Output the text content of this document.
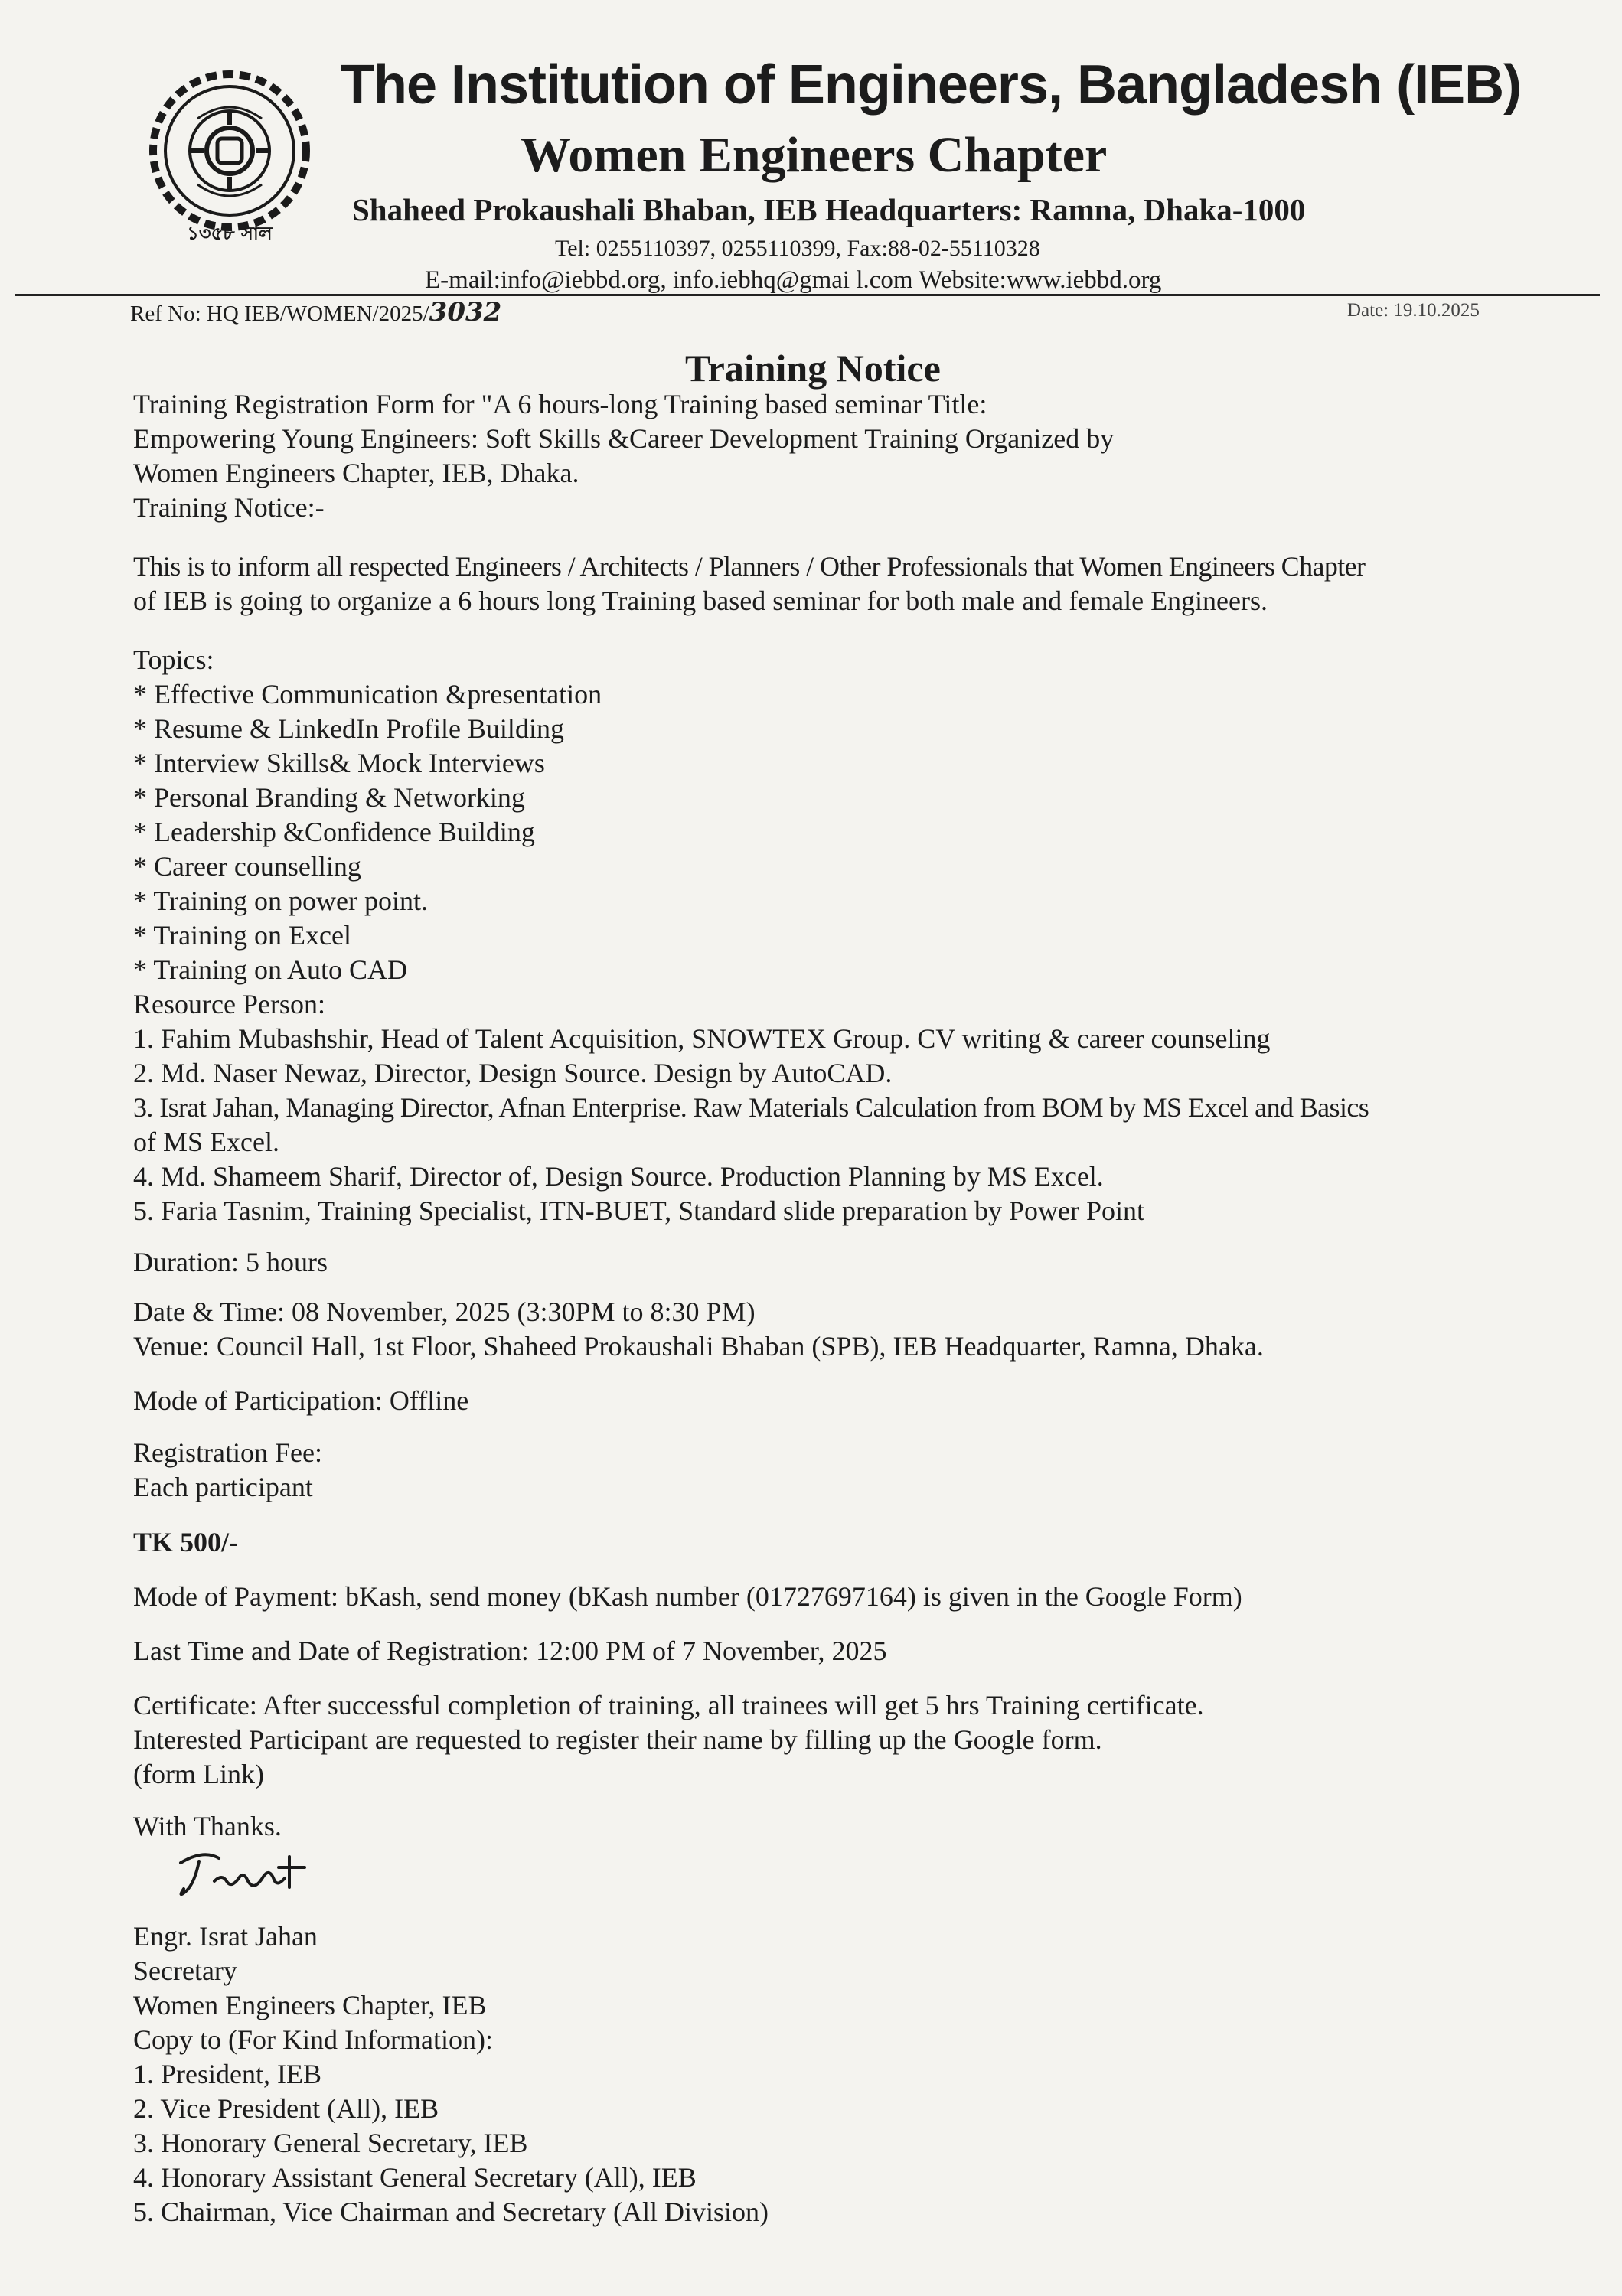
১৩৫৮ সাল
The Institution of Engineers, Bangladesh (IEB)
Women Engineers Chapter
Shaheed Prokaushali Bhaban, IEB Headquarters: Ramna, Dhaka-1000
Tel: 0255110397, 0255110399, Fax:88-02-55110328
E-mail:info@iebbd.org, info.iebhq@gmai l.com Website:www.iebbd.org
Ref No: HQ IEB/WOMEN/2025/3032	Date: 19.10.2025
Training Notice
Training Registration Form for "A 6 hours-long Training based seminar Title:
Empowering Young Engineers: Soft Skills &Career Development Training Organized by
Women Engineers Chapter, IEB, Dhaka.
Training Notice:-
This is to inform all respected Engineers / Architects / Planners / Other Professionals that Women Engineers Chapter
of IEB is going to organize a 6 hours long Training based seminar for both male and female Engineers.
Topics:
* Effective Communication &presentation
* Resume & LinkedIn Profile Building
* Interview Skills& Mock Interviews
* Personal Branding & Networking
* Leadership &Confidence Building
* Career counselling
* Training on power point.
* Training on Excel
* Training on Auto CAD
Resource Person:
1. Fahim Mubashshir, Head of Talent Acquisition, SNOWTEX Group. CV writing & career counseling
2. Md. Naser Newaz, Director, Design Source. Design by AutoCAD.
3. Israt Jahan, Managing Director, Afnan Enterprise. Raw Materials Calculation from BOM by MS Excel and Basics
of MS Excel.
4. Md. Shameem Sharif, Director of, Design Source. Production Planning by MS Excel.
5. Faria Tasnim, Training Specialist, ITN-BUET, Standard slide preparation by Power Point
Duration: 5 hours
Date & Time: 08 November, 2025 (3:30PM to 8:30 PM)
Venue: Council Hall, 1st Floor, Shaheed Prokaushali Bhaban (SPB), IEB Headquarter, Ramna, Dhaka.
Mode of Participation: Offline
Registration Fee:
Each participant
TK 500/-
Mode of Payment: bKash, send money (bKash number (01727697164) is given in the Google Form)
Last Time and Date of Registration: 12:00 PM of 7 November, 2025
Certificate: After successful completion of training, all trainees will get 5 hrs Training certificate.
Interested Participant are requested to register their name by filling up the Google form.
(form Link)
With Thanks.
Engr. Israt Jahan
Secretary
Women Engineers Chapter, IEB
Copy to (For Kind Information):
1. President, IEB
2. Vice President (All), IEB
3. Honorary General Secretary, IEB
4. Honorary Assistant General Secretary (All), IEB
5. Chairman, Vice Chairman and Secretary (All Division)
